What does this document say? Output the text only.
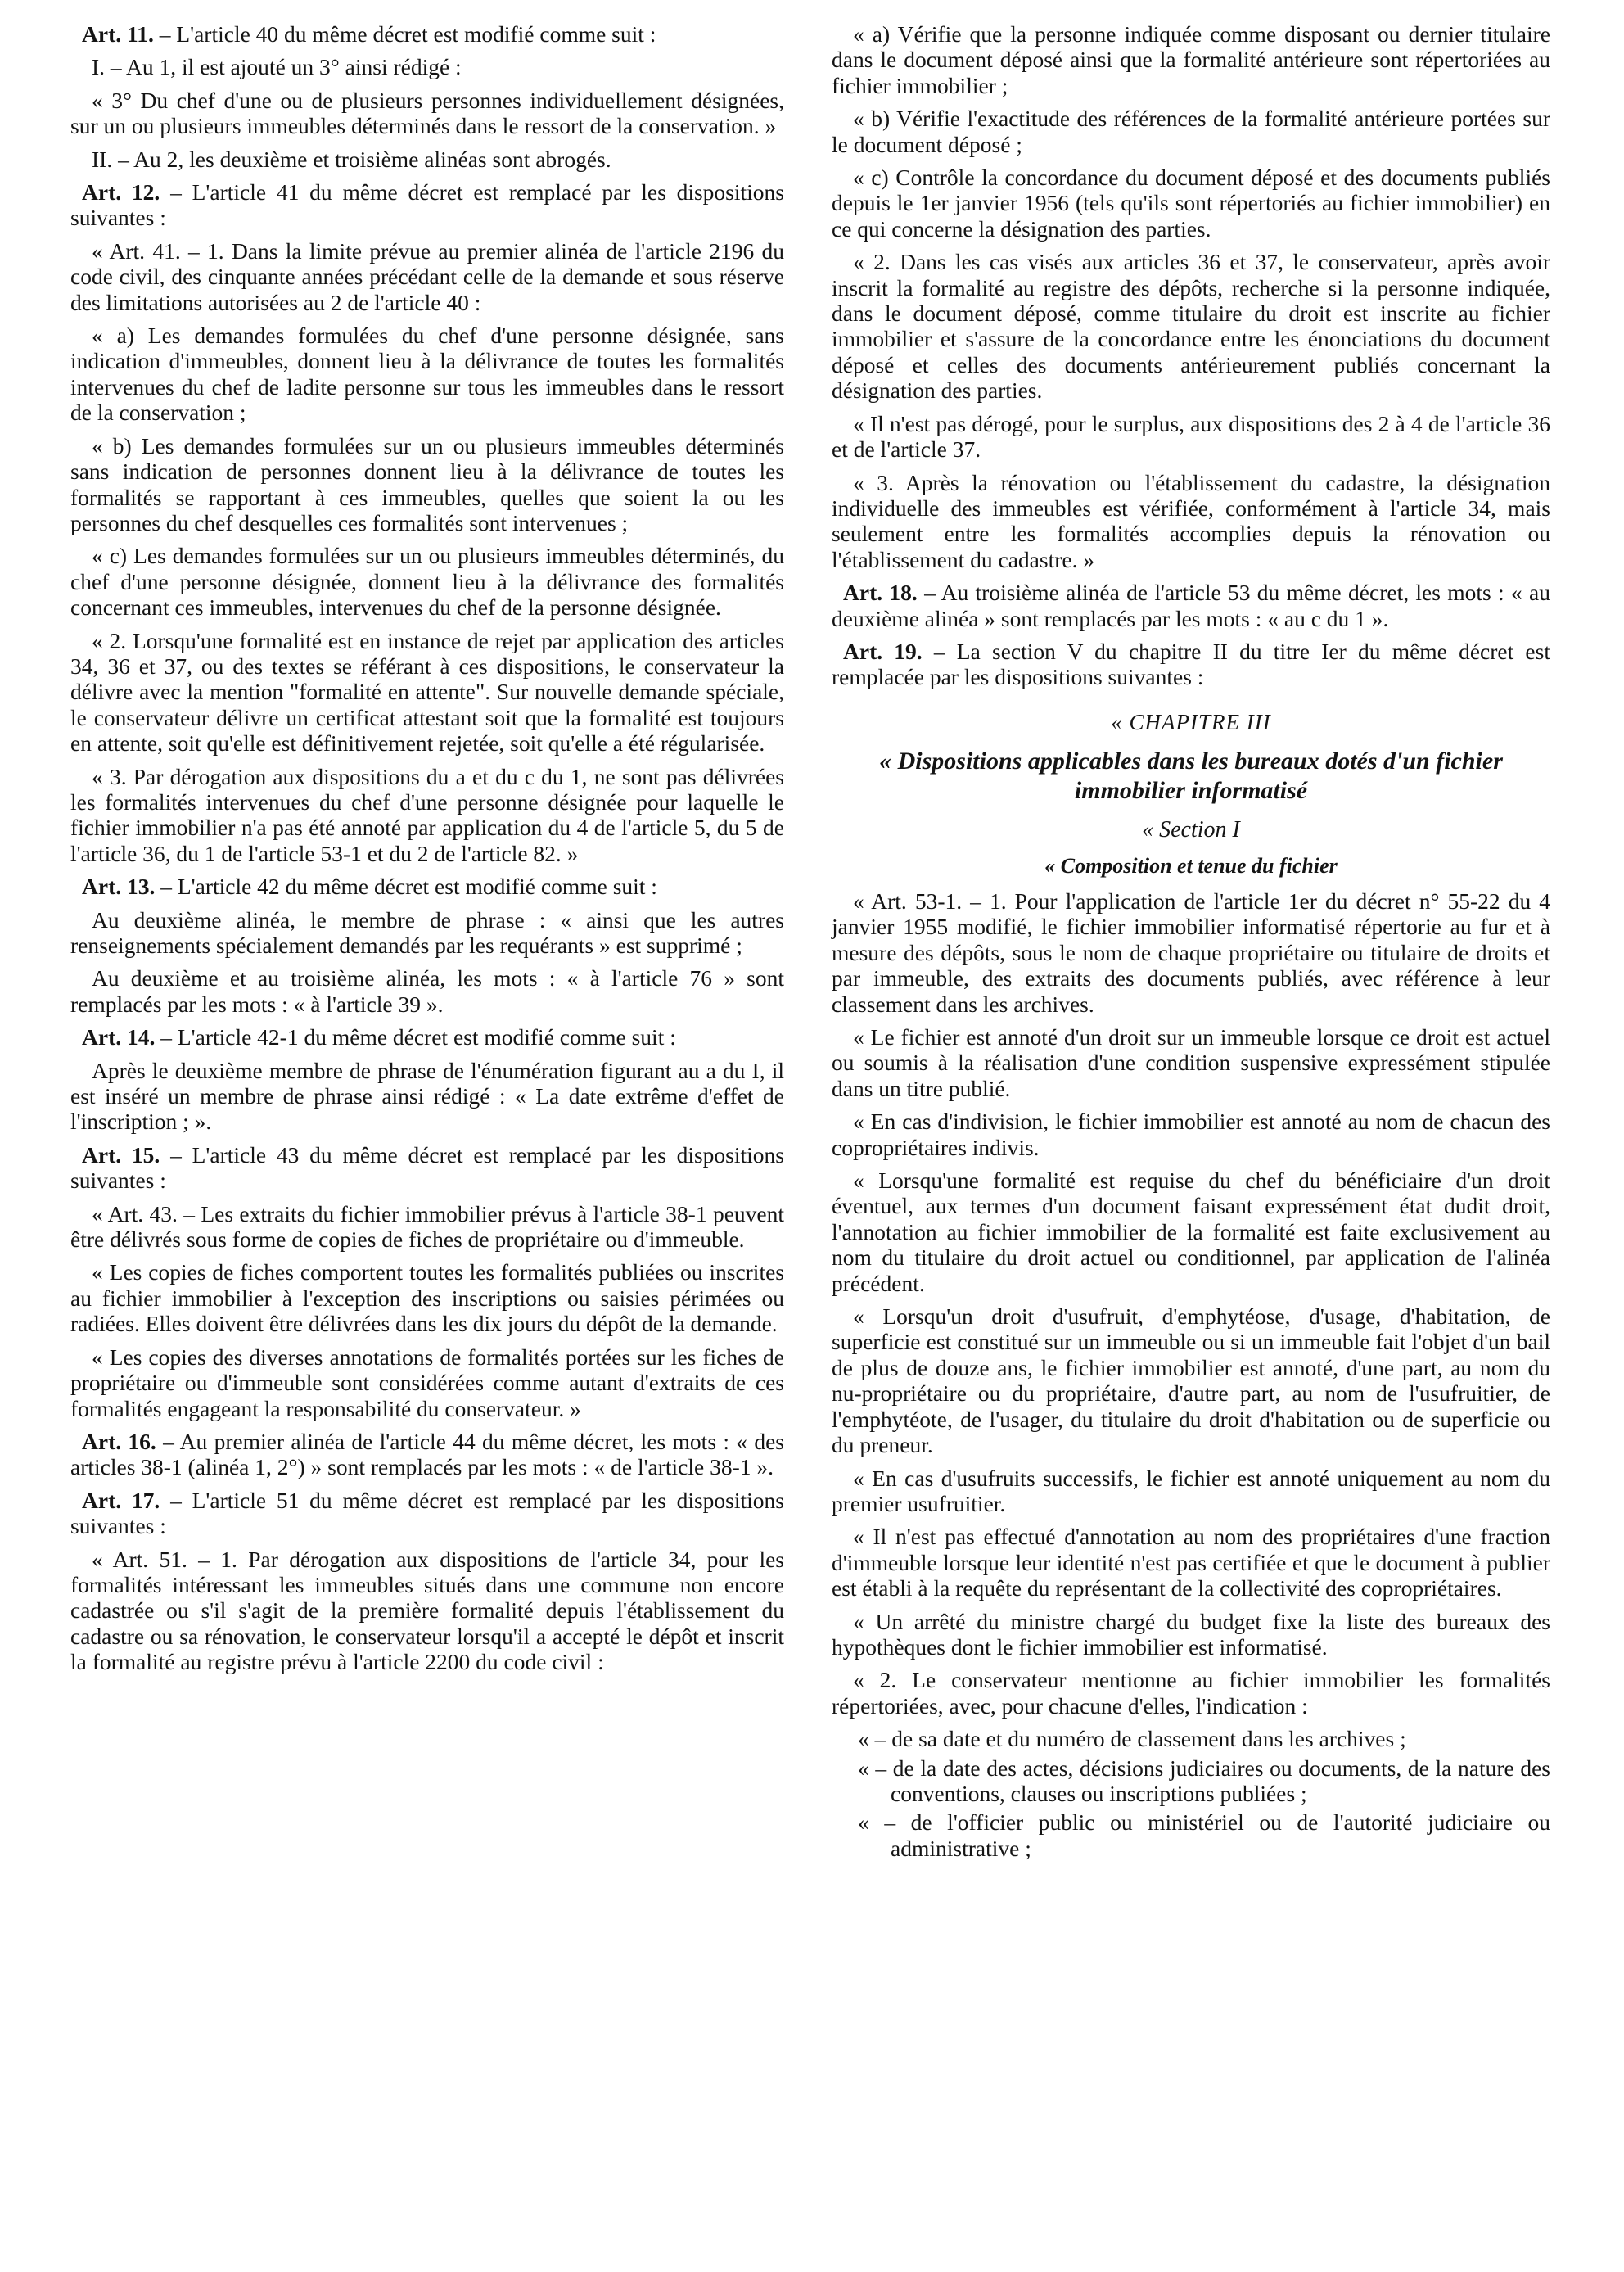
Art. 11. – L'article 40 du même décret est modifié comme suit :

I. – Au 1, il est ajouté un 3° ainsi rédigé :

« 3° Du chef d'une ou de plusieurs personnes individuellement désignées, sur un ou plusieurs immeubles déterminés dans le ressort de la conservation. »

II. – Au 2, les deuxième et troisième alinéas sont abrogés.

Art. 12. – L'article 41 du même décret est remplacé par les dispositions suivantes :

« Art. 41. – 1. Dans la limite prévue au premier alinéa de l'article 2196 du code civil, des cinquante années précédant celle de la demande et sous réserve des limitations autorisées au 2 de l'article 40 :

« a) Les demandes formulées du chef d'une personne désignée, sans indication d'immeubles, donnent lieu à la délivrance de toutes les formalités intervenues du chef de ladite personne sur tous les immeubles dans le ressort de la conservation ;

« b) Les demandes formulées sur un ou plusieurs immeubles déterminés sans indication de personnes donnent lieu à la délivrance de toutes les formalités se rapportant à ces immeubles, quelles que soient la ou les personnes du chef desquelles ces formalités sont intervenues ;

« c) Les demandes formulées sur un ou plusieurs immeubles déterminés, du chef d'une personne désignée, donnent lieu à la délivrance des formalités concernant ces immeubles, intervenues du chef de la personne désignée.

« 2. Lorsqu'une formalité est en instance de rejet par application des articles 34, 36 et 37, ou des textes se référant à ces dispositions, le conservateur la délivre avec la mention "formalité en attente". Sur nouvelle demande spéciale, le conservateur délivre un certificat attestant soit que la formalité est toujours en attente, soit qu'elle est définitivement rejetée, soit qu'elle a été régularisée.

« 3. Par dérogation aux dispositions du a et du c du 1, ne sont pas délivrées les formalités intervenues du chef d'une personne désignée pour laquelle le fichier immobilier n'a pas été annoté par application du 4 de l'article 5, du 5 de l'article 36, du 1 de l'article 53-1 et du 2 de l'article 82. »

Art. 13. – L'article 42 du même décret est modifié comme suit :

Au deuxième alinéa, le membre de phrase : « ainsi que les autres renseignements spécialement demandés par les requérants » est supprimé ;

Au deuxième et au troisième alinéa, les mots : « à l'article 76 » sont remplacés par les mots : « à l'article 39 ».

Art. 14. – L'article 42-1 du même décret est modifié comme suit :

Après le deuxième membre de phrase de l'énumération figurant au a du I, il est inséré un membre de phrase ainsi rédigé : « La date extrême d'effet de l'inscription ; ».

Art. 15. – L'article 43 du même décret est remplacé par les dispositions suivantes :

« Art. 43. – Les extraits du fichier immobilier prévus à l'article 38-1 peuvent être délivrés sous forme de copies de fiches de propriétaire ou d'immeuble.

« Les copies de fiches comportent toutes les formalités publiées ou inscrites au fichier immobilier à l'exception des inscriptions ou saisies périmées ou radiées. Elles doivent être délivrées dans les dix jours du dépôt de la demande.

« Les copies des diverses annotations de formalités portées sur les fiches de propriétaire ou d'immeuble sont considérées comme autant d'extraits de ces formalités engageant la responsabilité du conservateur. »

Art. 16. – Au premier alinéa de l'article 44 du même décret, les mots : « des articles 38-1 (alinéa 1, 2°) » sont remplacés par les mots : « de l'article 38-1 ».

Art. 17. – L'article 51 du même décret est remplacé par les dispositions suivantes :

« Art. 51. – 1. Par dérogation aux dispositions de l'article 34, pour les formalités intéressant les immeubles situés dans une commune non encore cadastrée ou s'il s'agit de la première formalité depuis l'établissement du cadastre ou sa rénovation, le conservateur lorsqu'il a accepté le dépôt et inscrit la formalité au registre prévu à l'article 2200 du code civil :

« a) Vérifie que la personne indiquée comme disposant ou dernier titulaire dans le document déposé ainsi que la formalité antérieure sont répertoriées au fichier immobilier ;

« b) Vérifie l'exactitude des références de la formalité antérieure portées sur le document déposé ;

« c) Contrôle la concordance du document déposé et des documents publiés depuis le 1er janvier 1956 (tels qu'ils sont répertoriés au fichier immobilier) en ce qui concerne la désignation des parties.

« 2. Dans les cas visés aux articles 36 et 37, le conservateur, après avoir inscrit la formalité au registre des dépôts, recherche si la personne indiquée, dans le document déposé, comme titulaire du droit est inscrite au fichier immobilier et s'assure de la concordance entre les énonciations du document déposé et celles des documents antérieurement publiés concernant la désignation des parties.

« Il n'est pas dérogé, pour le surplus, aux dispositions des 2 à 4 de l'article 36 et de l'article 37.

« 3. Après la rénovation ou l'établissement du cadastre, la désignation individuelle des immeubles est vérifiée, conformément à l'article 34, mais seulement entre les formalités accomplies depuis la rénovation ou l'établissement du cadastre. »

Art. 18. – Au troisième alinéa de l'article 53 du même décret, les mots : « au deuxième alinéa » sont remplacés par les mots : « au c du 1 ».

Art. 19. – La section V du chapitre II du titre Ier du même décret est remplacée par les dispositions suivantes :

« CHAPITRE III
« Dispositions applicables dans les bureaux dotés d'un fichier immobilier informatisé
« Section I
« Composition et tenue du fichier

« Art. 53-1. – 1. Pour l'application de l'article 1er du décret n° 55-22 du 4 janvier 1955 modifié, le fichier immobilier informatisé répertorie au fur et à mesure des dépôts, sous le nom de chaque propriétaire ou titulaire de droits et par immeuble, des extraits des documents publiés, avec référence à leur classement dans les archives.

« Le fichier est annoté d'un droit sur un immeuble lorsque ce droit est actuel ou soumis à la réalisation d'une condition suspensive expressément stipulée dans un titre publié.

« En cas d'indivision, le fichier immobilier est annoté au nom de chacun des copropriétaires indivis.

« Lorsqu'une formalité est requise du chef du bénéficiaire d'un droit éventuel, aux termes d'un document faisant expressément état dudit droit, l'annotation au fichier immobilier de la formalité est faite exclusivement au nom du titulaire du droit actuel ou conditionnel, par application de l'alinéa précédent.

« Lorsqu'un droit d'usufruit, d'emphytéose, d'usage, d'habitation, de superficie est constitué sur un immeuble ou si un immeuble fait l'objet d'un bail de plus de douze ans, le fichier immobilier est annoté, d'une part, au nom du nu-propriétaire ou du propriétaire, d'autre part, au nom de l'usufruitier, de l'emphytéote, de l'usager, du titulaire du droit d'habitation ou de superficie ou du preneur.

« En cas d'usufruits successifs, le fichier est annoté uniquement au nom du premier usufruitier.

« Il n'est pas effectué d'annotation au nom des propriétaires d'une fraction d'immeuble lorsque leur identité n'est pas certifiée et que le document à publier est établi à la requête du représentant de la collectivité des copropriétaires.

« Un arrêté du ministre chargé du budget fixe la liste des bureaux des hypothèques dont le fichier immobilier est informatisé.

« 2. Le conservateur mentionne au fichier immobilier les formalités répertoriées, avec, pour chacune d'elles, l'indication :

« – de sa date et du numéro de classement dans les archives ;

« – de la date des actes, décisions judiciaires ou documents, de la nature des conventions, clauses ou inscriptions publiées ;

« – de l'officier public ou ministériel ou de l'autorité judiciaire ou administrative ;
